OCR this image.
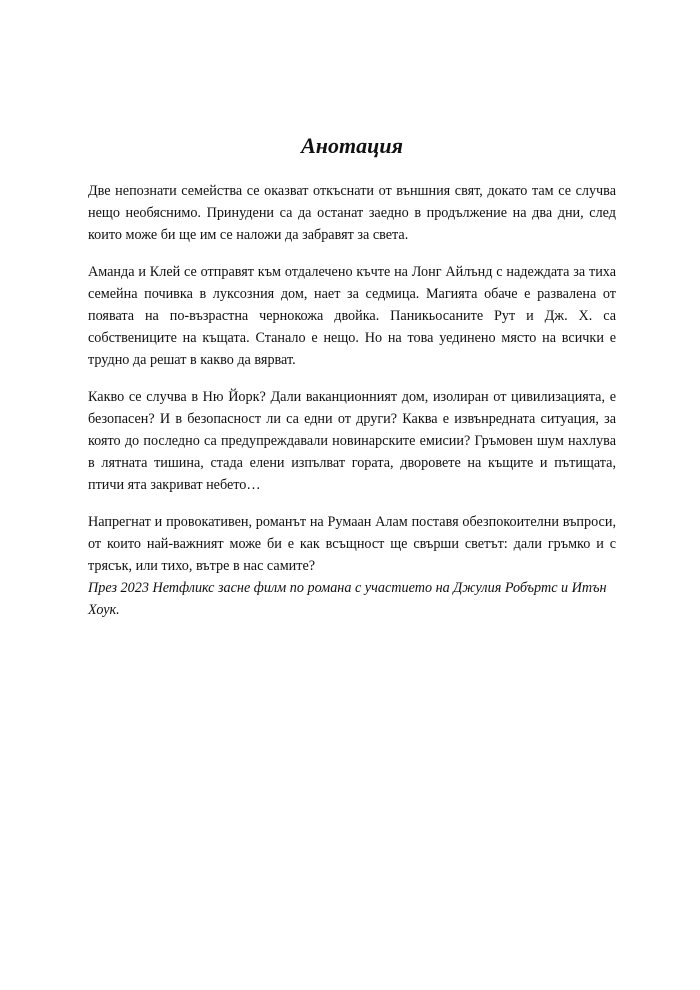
Анотация

Две непознати семейства се оказват откъснати от външния свят, докато там се случва нещо необяснимо. Принудени са да останат заедно в продължение на два дни, след които може би ще им се наложи да забравят за света.

Аманда и Клей се отправят към отдалечено къчте на Лонг Айлънд с надеждата за тиха семейна почивка в луксозния дом, нает за седмица. Магията обаче е развалена от появата на по-възрастна чернокожа двойка. Паникьосаните Рут и Дж. Х. са собствениците на къщата. Станало е нещо. Но на това уединено място на всички е трудно да решат в какво да вярват.

Какво се случва в Ню Йорк? Дали ваканционният дом, изолиран от цивилизацията, е безопасен? И в безопасност ли са едни от други? Каква е извънредната ситуация, за която до последно са предупреждавали новинарските емисии? Гръмовен шум нахлува в лятната тишина, стада елени изпълват гората, дворовете на къщите и пътищата, птичи ята закриват небето…

Напрегнат и провокативен, романът на Румаан Алам поставя обезпокоителни въпроси, от които най-важният може би е как всъщност ще свърши светът: дали гръмко и с трясък, или тихо, вътре в нас самите?

През 2023 Нетфликс засне филм по романа с участието на Джулия Робъртс и Итън Хоук.
